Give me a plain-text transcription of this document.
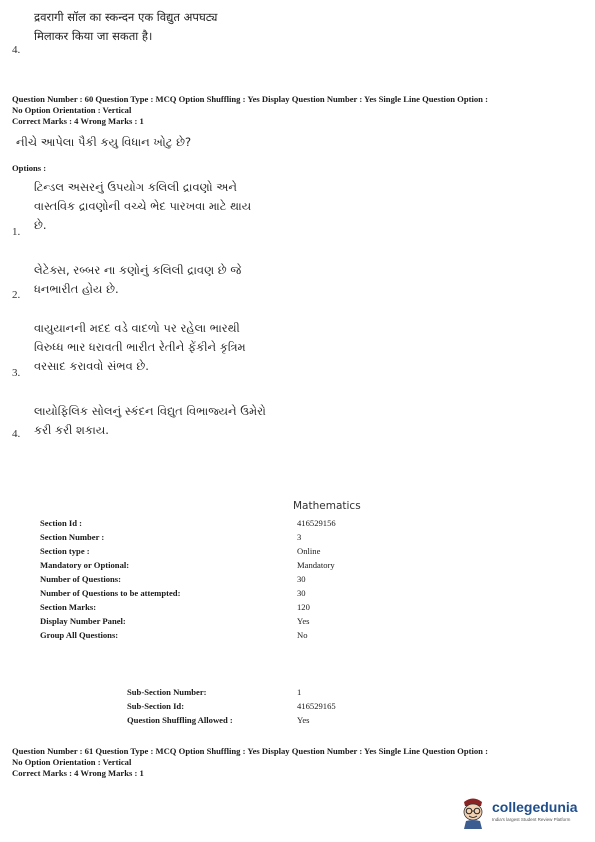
द्रवरागी सॉल का स्कन्दन एक विद्युत अपघट्य
मिलाकर किया जा सकता है।
4.
Question Number : 60 Question Type : MCQ Option Shuffling : Yes Display Question Number : Yes Single Line Question Option :
No Option Orientation : Vertical
Correct Marks : 4 Wrong Marks : 1
નીચે આપેલા પૈકી કયુ વિધાન ખોટુ છે?
Options :
ટિન્ડલ અસરનું ઉપયોગ કલિલી દ્રાવણો અને
વાસ્તવિક દ્રાવણોની વચ્ચે ભેદ પારખવા માટે થાય
છે.
1.
લેટેક્સ, રબ્બર ના કણોનું કલિલી દ્રાવણ છે જે
ધનભારીત હોય છે.
2.
વાયુયાનની મદદ વડે વાદળો પર રહેલા ભારથી
વિરુધ્ધ ભાર ધરાવતી ભારીત રેતીને ફેંકીને કૃત્રિમ
વરસાદ કરાવવો સંભવ છે.
3.
લાયોફિલિક સોલનું સ્કંદન વિદ્યુત વિભાજ્યને ઉમેરો
કરી કરી શકાય.
4.
Mathematics
Section Id :	416529156
Section Number :	3
Section type :	Online
Mandatory or Optional:	Mandatory
Number of Questions:	30
Number of Questions to be attempted:	30
Section Marks:	120
Display Number Panel:	Yes
Group All Questions:	No
Sub-Section Number:	1
Sub-Section Id:	416529165
Question Shuffling Allowed :	Yes
Question Number : 61 Question Type : MCQ Option Shuffling : Yes Display Question Number : Yes Single Line Question Option :
No Option Orientation : Vertical
Correct Marks : 4 Wrong Marks : 1
collegedunia
India's largest Student Review Platform
